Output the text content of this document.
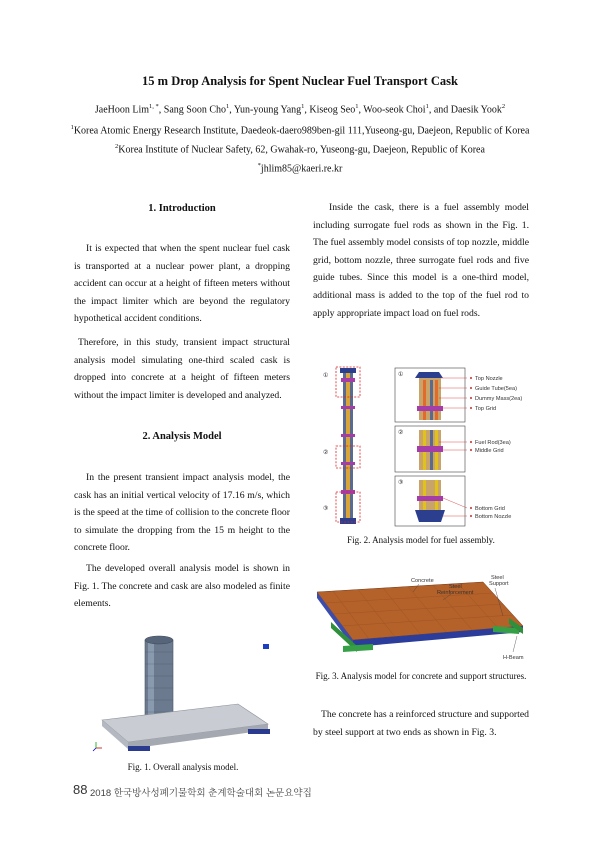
15 m Drop Analysis for Spent Nuclear Fuel Transport Cask
JaeHoon Lim$^{1, *}$, Sang Soon Cho$^1$, Yun-young Yang$^1$, Kiseog Seo$^1$, Woo-seok Choi$^1$, and Daesik Yook$^2$
$^1$Korea Atomic Energy Research Institute, Daedeok-daero989ben-gil 111,Yuseong-gu, Daejeon, Republic of Korea
$^2$Korea Institute of Nuclear Safety, 62, Gwahak-ro, Yuseong-gu, Daejeon, Republic of Korea
*jhlim85@kaeri.re.kr
1. Introduction
It is expected that when the spent nuclear fuel cask is transported at a nuclear power plant, a dropping accident can occur at a height of fifteen meters without the impact limiter which are beyond the regulatory hypothetical accident conditions.
Therefore, in this study, transient impact structural analysis model simulating one-third scaled cask is dropped into concrete at a height of fifteen meters without the impact limiter is developed and analyzed.
2. Analysis Model
In the present transient impact analysis model, the cask has an initial vertical velocity of 17.16 m/s, which is the speed at the time of collision to the concrete floor to simulate the dropping from the 15 m height to the concrete floor.
The developed overall analysis model is shown in Fig. 1. The concrete and cask are also modeled as finite elements.
Fig. 1. Overall analysis model.
Inside the cask, there is a fuel assembly model including surrogate fuel rods as shown in the Fig. 1. The fuel assembly model consists of top nozzle, middle grid, bottom nozzle, three surrogate fuel rods and five guide tubes. Since this model is a one-third model, additional mass is added to the top of the fuel rod to apply appropriate impact load on fuel rods.
①
②
③
①
②
③
Top Nozzle
Guide Tube(5ea)
Dummy Mass(2ea)
Top Grid
Fuel Rod(3ea)
Middle Grid
Bottom Grid
Bottom Nozzle
Fig. 2. Analysis model for fuel assembly.
Concrete
Steel
Reinforcement
Steel
Support
H-Beam
Fig. 3. Analysis model for concrete and support structures.
The concrete has a reinforced structure and supported by steel support at two ends as shown in Fig. 3.
88 2018 한국방사성폐기물학회 춘계학술대회 논문요약집
